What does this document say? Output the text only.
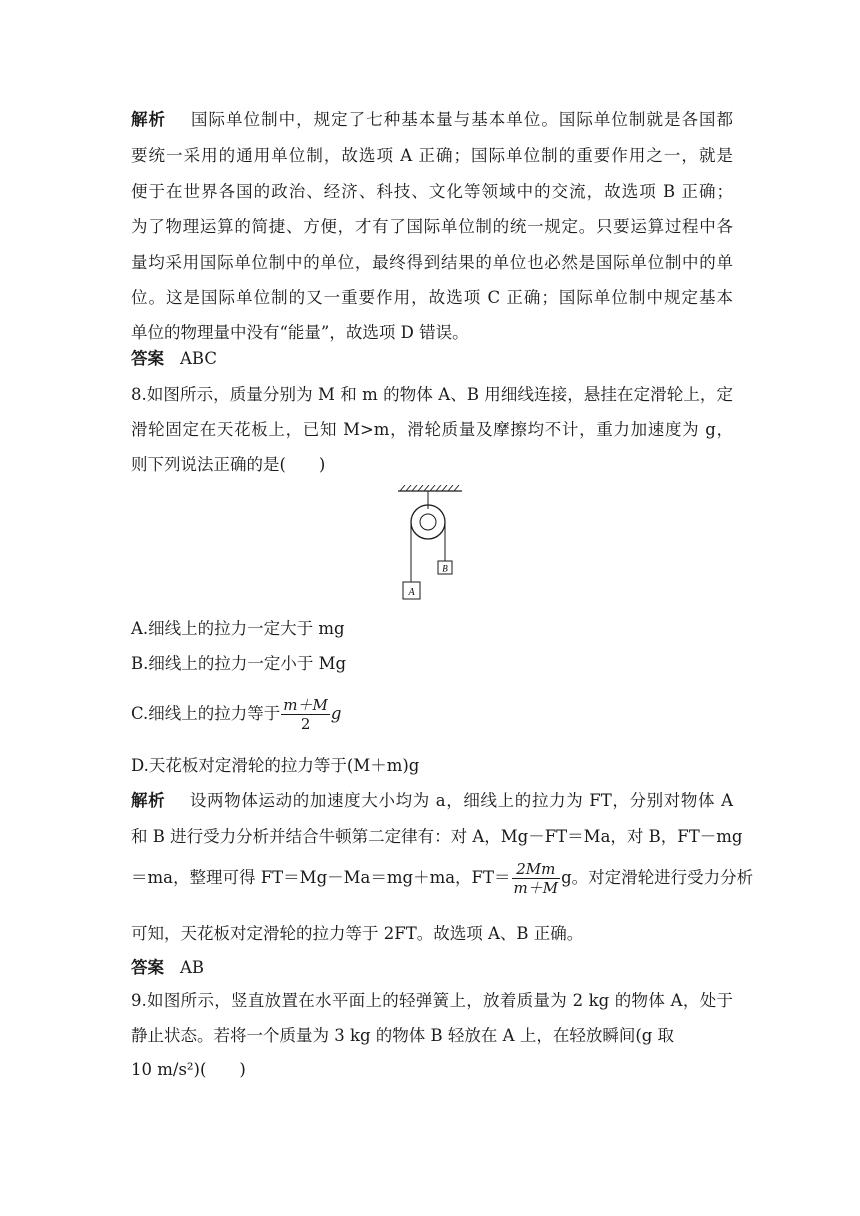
解析 国际单位制中，规定了七种基本量与基本单位。国际单位制就是各国都
要统一采用的通用单位制，故选项 A 正确；国际单位制的重要作用之一，就是
便于在世界各国的政治、经济、科技、文化等领域中的交流，故选项 B 正确；
为了物理运算的简捷、方便，才有了国际单位制的统一规定。只要运算过程中各
量均采用国际单位制中的单位，最终得到结果的单位也必然是国际单位制中的单
位。这是国际单位制的又一重要作用，故选项 C 正确；国际单位制中规定基本
单位的物理量中没有“能量”，故选项 D 错误。
答案 ABC
8.如图所示，质量分别为 M 和 m 的物体 A、B 用细线连接，悬挂在定滑轮上，定
滑轮固定在天花板上，已知 M>m，滑轮质量及摩擦均不计，重力加速度为 g，
则下列说法正确的是(　　)
A
B
A.细线上的拉力一定大于 mg
B.细线上的拉力一定小于 Mg
C.细线上的拉力等于 $\frac{m+M}{2}$ g
D.天花板对定滑轮的拉力等于(M＋m)g
解析 设两物体运动的加速度大小均为 a，细线上的拉力为 FT，分别对物体 A
和 B 进行受力分析并结合牛顿第二定律有：对 A，Mg－FT＝Ma，对 B，FT－mg
＝ma，整理可得 FT＝Mg－Ma＝mg＋ma，$FT= \frac{2Mm}{m+M}$ g。对定滑轮进行受力分析
可知，天花板对定滑轮的拉力等于 2FT。故选项 A、B 正确。
答案 AB
9.如图所示，竖直放置在水平面上的轻弹簧上，放着质量为 2 kg 的物体 A，处于
静止状态。若将一个质量为 3 kg 的物体 B 轻放在 A 上，在轻放瞬间(g 取
10 m/s²)(　　)
